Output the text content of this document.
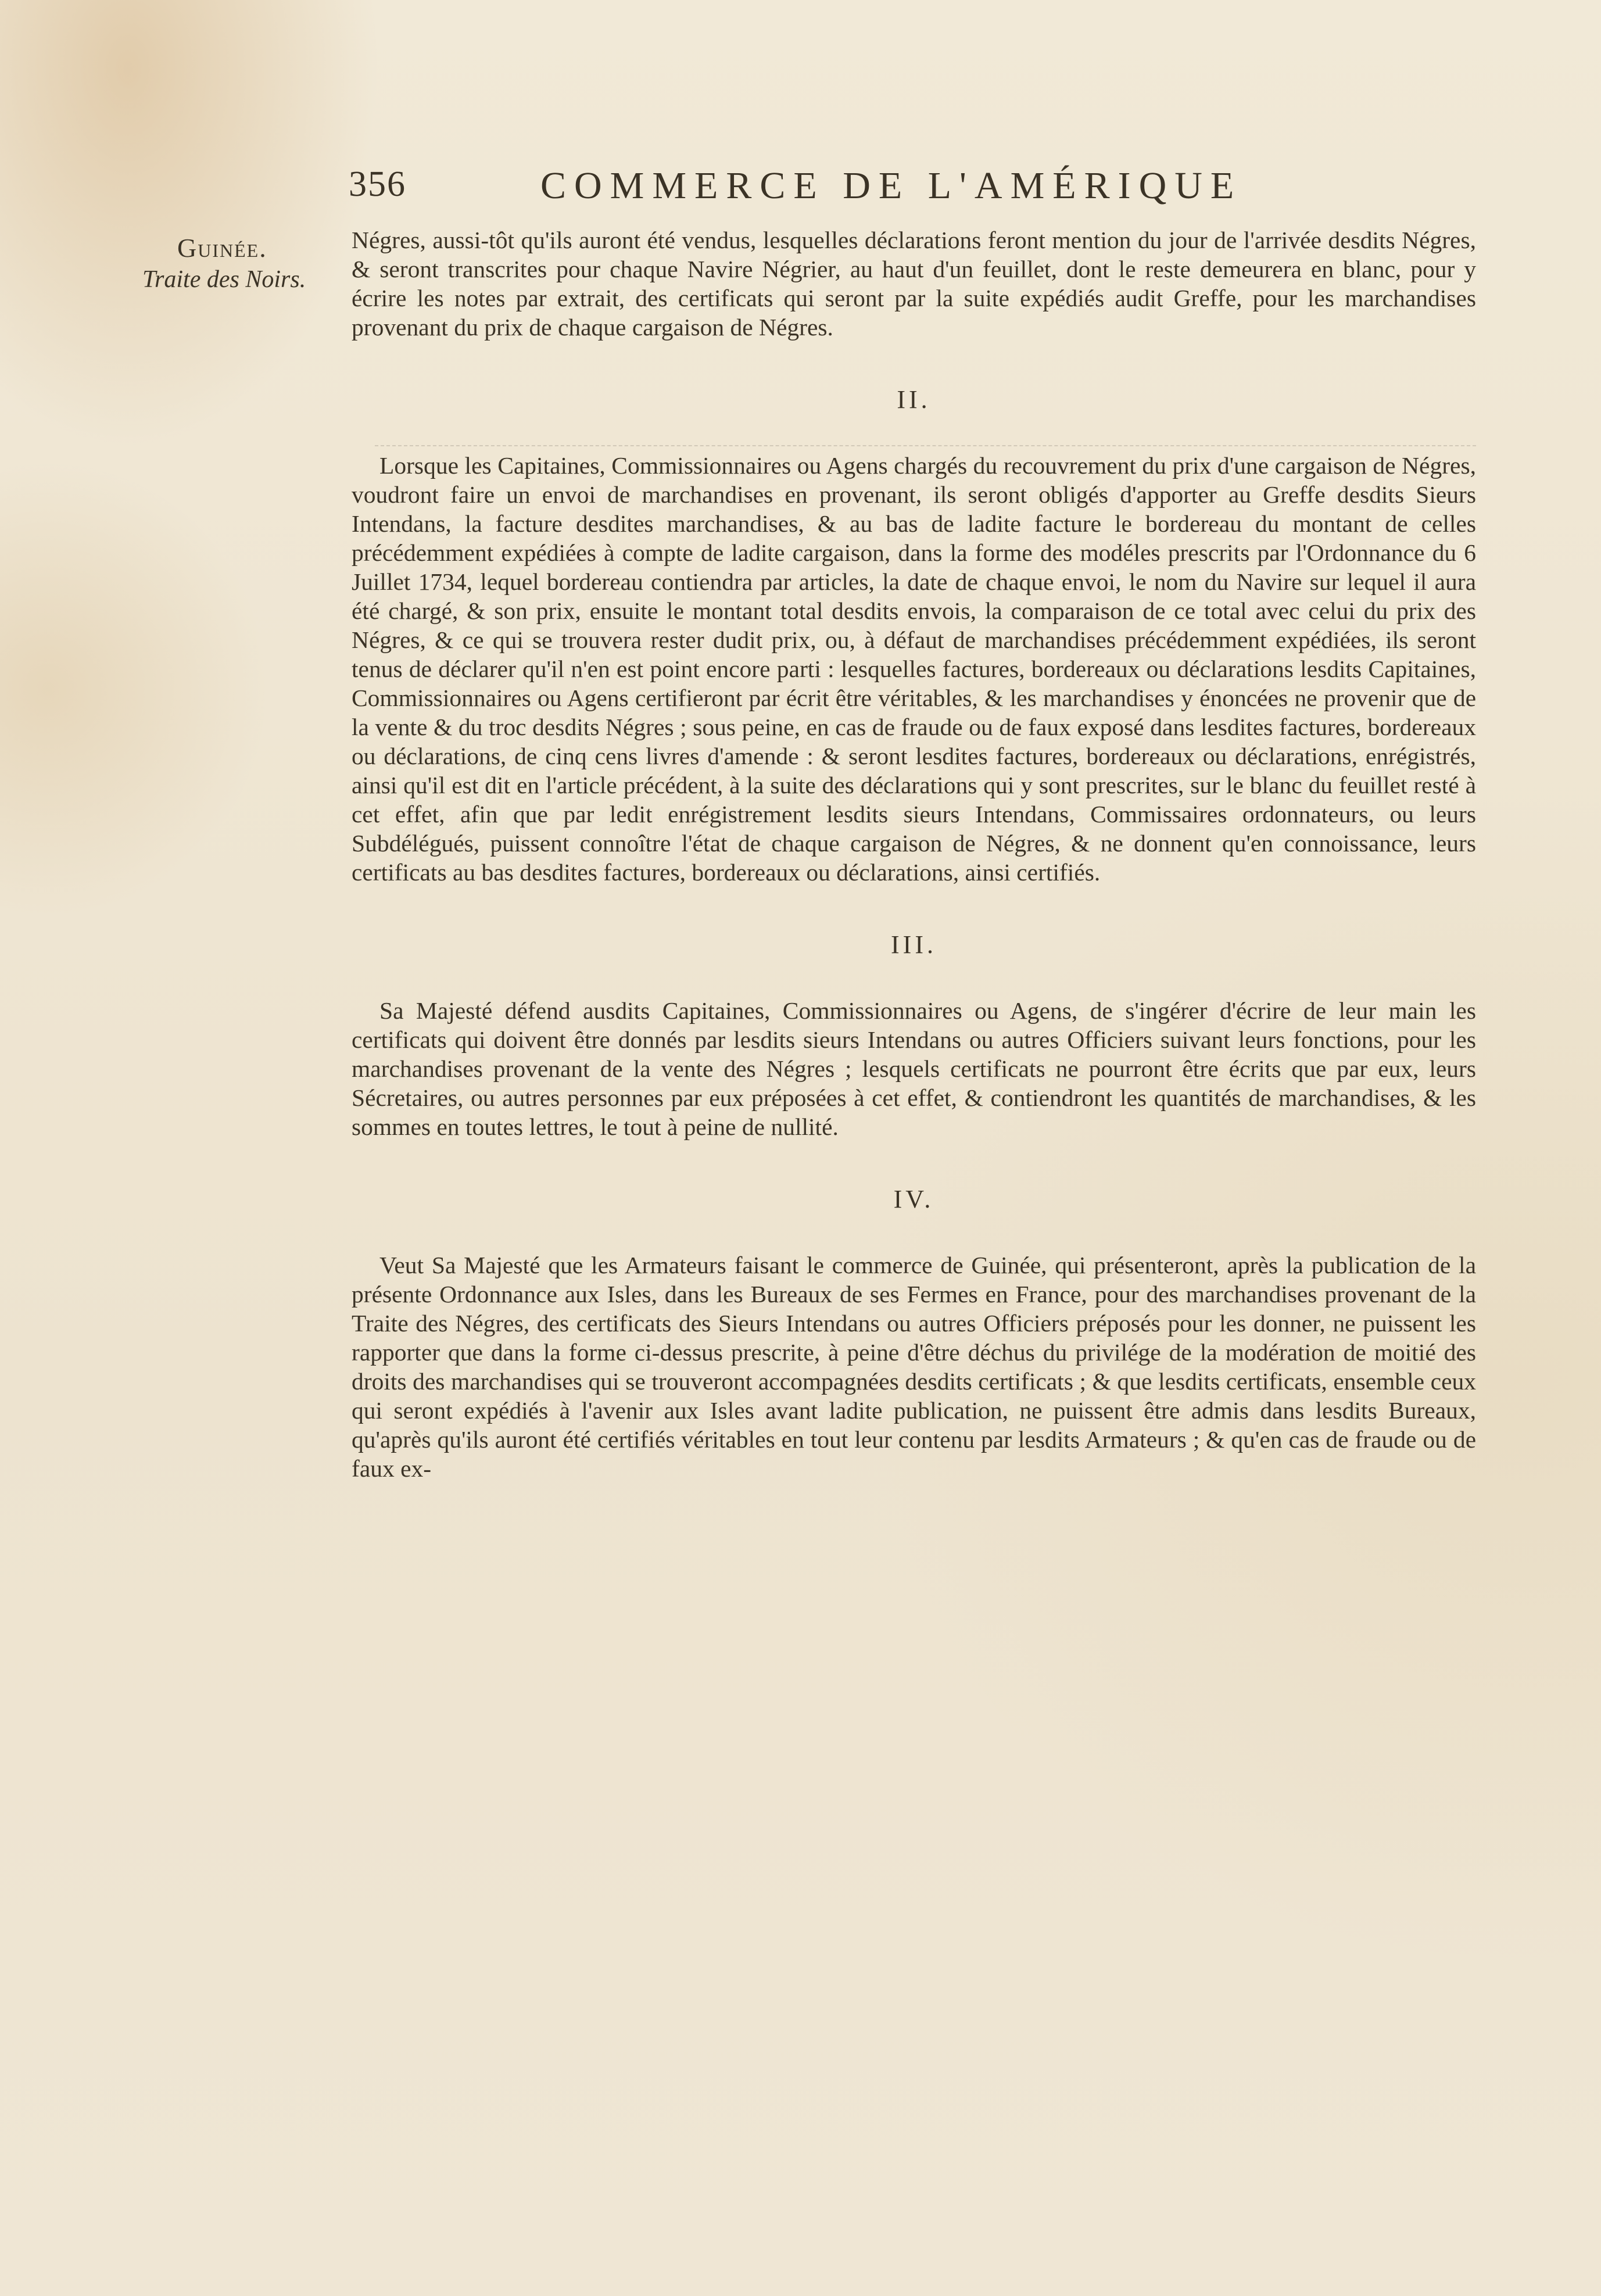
356	COMMERCE DE L'AMÉRIQUE
Guinée.
Traite des Noirs.

Négres, aussi-tôt qu'ils auront été vendus, lesquelles déclarations feront mention du jour de l'arrivée desdits Négres, & seront transcrites pour chaque Navire Négrier, au haut d'un feuillet, dont le reste demeurera en blanc, pour y écrire les notes par extrait, des certificats qui seront par la suite expédiés audit Greffe, pour les marchandises provenant du prix de chaque cargaison de Négres.

II.

Lorsque les Capitaines, Commissionnaires ou Agens chargés du recouvrement du prix d'une cargaison de Négres, voudront faire un envoi de marchandises en provenant, ils seront obligés d'apporter au Greffe desdits Sieurs Intendans, la facture desdites marchandises, & au bas de ladite facture le bordereau du montant de celles précédemment expédiées à compte de ladite cargaison, dans la forme des modéles prescrits par l'Ordonnance du 6 Juillet 1734, lequel bordereau contiendra par articles, la date de chaque envoi, le nom du Navire sur lequel il aura été chargé, & son prix, ensuite le montant total desdits envois, la comparaison de ce total avec celui du prix des Négres, & ce qui se trouvera rester dudit prix, ou, à défaut de marchandises précédemment expédiées, ils seront tenus de déclarer qu'il n'en est point encore parti : lesquelles factures, bordereaux ou déclarations lesdits Capitaines, Commissionnaires ou Agens certifieront par écrit être véritables, & les marchandises y énoncées ne provenir que de la vente & du troc desdits Négres ; sous peine, en cas de fraude ou de faux exposé dans lesdites factures, bordereaux ou déclarations, de cinq cens livres d'amende : & seront lesdites factures, bordereaux ou déclarations, enrégistrés, ainsi qu'il est dit en l'article précédent, à la suite des déclarations qui y sont prescrites, sur le blanc du feuillet resté à cet effet, afin que par ledit enrégistrement lesdits sieurs Intendans, Commissaires ordonnateurs, ou leurs Subdélégués, puissent connoître l'état de chaque cargaison de Négres, & ne donnent qu'en connoissance, leurs certificats au bas desdites factures, bordereaux ou déclarations, ainsi certifiés.

III.

Sa Majesté défend ausdits Capitaines, Commissionnaires ou Agens, de s'ingérer d'écrire de leur main les certificats qui doivent être donnés par lesdits sieurs Intendans ou autres Officiers suivant leurs fonctions, pour les marchandises provenant de la vente des Négres ; lesquels certificats ne pourront être écrits que par eux, leurs Sécretaires, ou autres personnes par eux préposées à cet effet, & contiendront les quantités de marchandises, & les sommes en toutes lettres, le tout à peine de nullité.

IV.

Veut Sa Majesté que les Armateurs faisant le commerce de Guinée, qui présenteront, après la publication de la présente Ordonnance aux Isles, dans les Bureaux de ses Fermes en France, pour des marchandises provenant de la Traite des Négres, des certificats des Sieurs Intendans ou autres Officiers préposés pour les donner, ne puissent les rapporter que dans la forme ci-dessus prescrite, à peine d'être déchus du privilége de la modération de moitié des droits des marchandises qui se trouveront accompagnées desdits certificats ; & que lesdits certificats, ensemble ceux qui seront expédiés à l'avenir aux Isles avant ladite publication, ne puissent être admis dans lesdits Bureaux, qu'après qu'ils auront été certifiés véritables en tout leur contenu par lesdits Armateurs ; & qu'en cas de fraude ou de faux ex-
